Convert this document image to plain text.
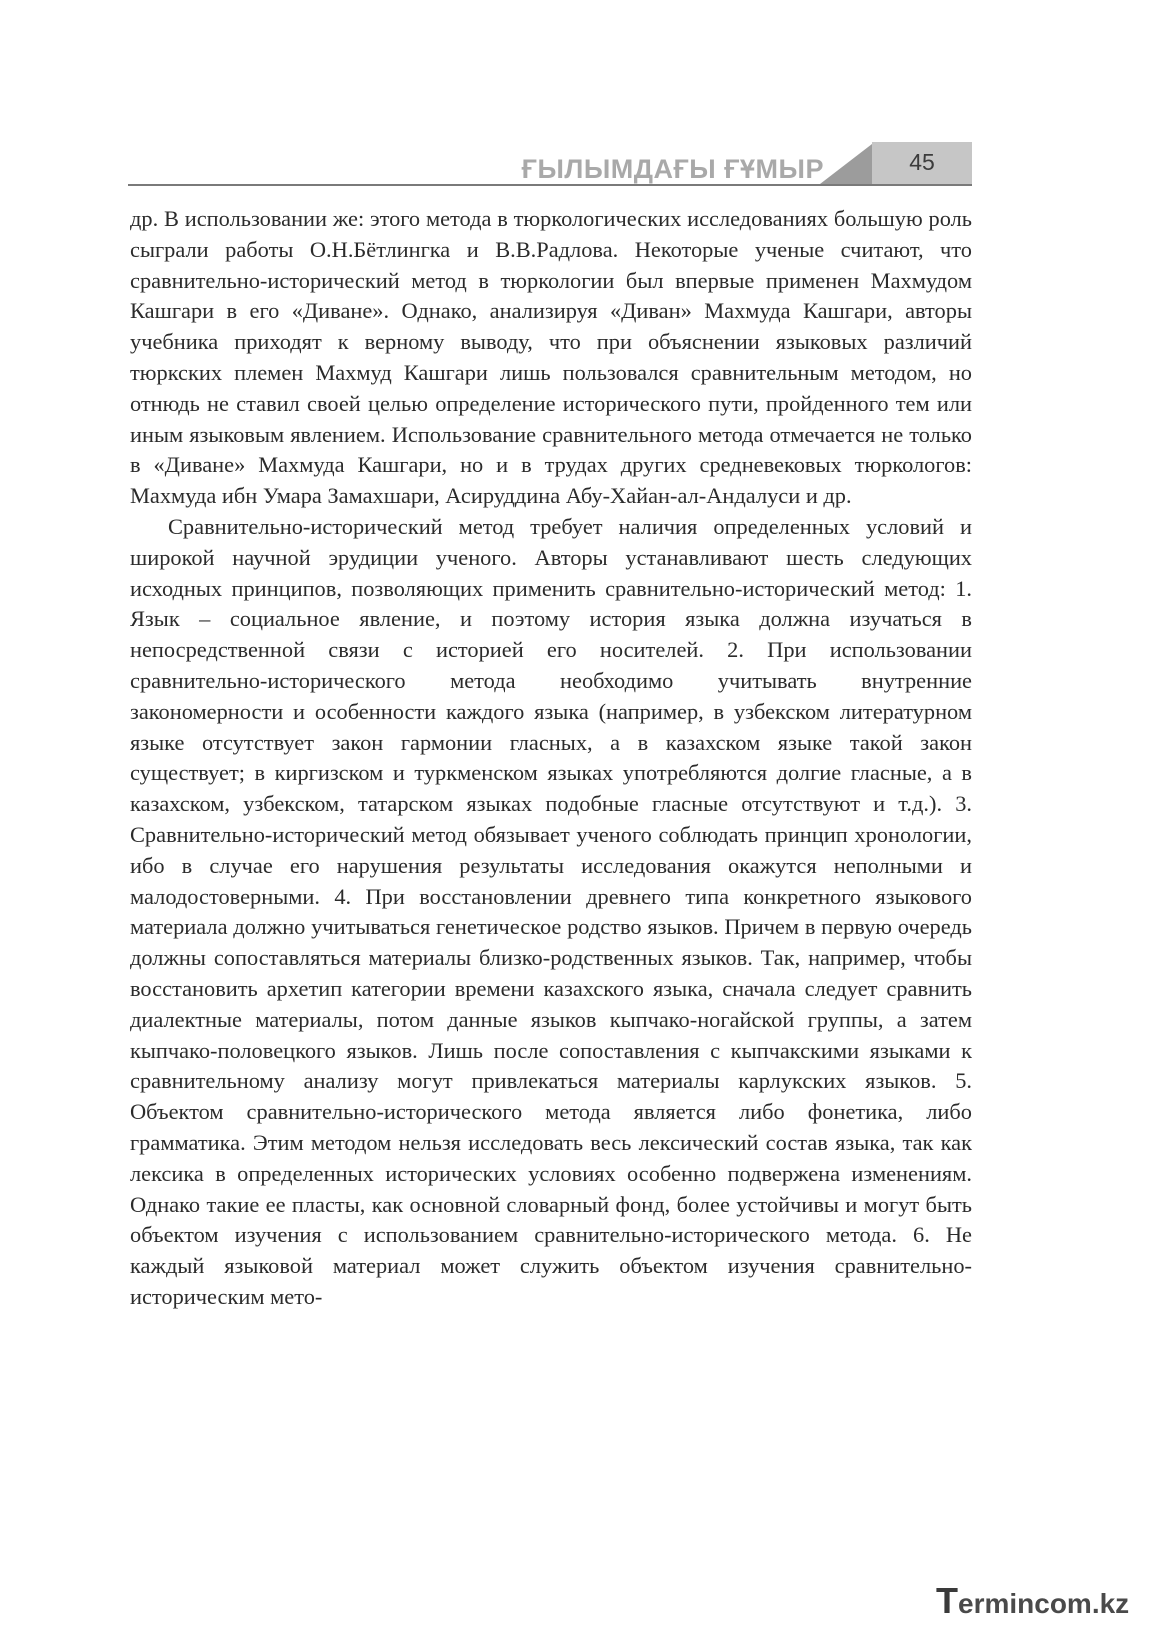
ҒЫЛЫМДАҒЫ ҒҰМЫР	45

др. В использовании же: этого метода в тюркологических исследованиях большую роль сыграли работы О.Н.Бётлингка и В.В.Радлова. Некоторые ученые считают, что сравнительно-исторический метод в тюркологии был впервые применен Махмудом Кашгари в его «Диване». Однако, анализируя «Диван» Махмуда Кашгари, авторы учебника приходят к верному выводу, что при объяснении языковых различий тюркских племен Махмуд Кашгари лишь пользовался сравнительным методом, но отнюдь не ставил своей целью определение исторического пути, пройденного тем или иным языковым явлением. Использование сравнительного метода отмечается не только в «Диване» Махмуда Кашгари, но и в трудах других средневековых тюркологов: Махмуда ибн Умара Замахшари, Асируддина Абу-Хайан-ал-Андалуси и др.

Сравнительно-исторический метод требует наличия определенных условий и широкой научной эрудиции ученого. Авторы устанавливают шесть следующих исходных принципов, позволяющих применить сравнительно-исторический метод: 1. Язык – социальное явление, и поэтому история языка должна изучаться в непосредственной связи с историей его носителей. 2. При использовании сравнительно-исторического метода необходимо учитывать внутренние закономерности и особенности каждого языка (например, в узбекском литературном языке отсутствует закон гармонии гласных, а в казахском языке такой закон существует; в киргизском и туркменском языках употребляются долгие гласные, а в казахском, узбекском, татарском языках подобные гласные отсутствуют и т.д.). 3. Сравнительно-исторический метод обязывает ученого соблюдать принцип хронологии, ибо в случае его нарушения результаты исследования окажутся неполными и малодостоверными. 4. При восстановлении древнего типа конкретного языкового материала должно учитываться генетическое родство языков. Причем в первую очередь должны сопоставляться материалы близко-родственных языков. Так, например, чтобы восстановить архетип категории времени казахского языка, сначала следует сравнить диалектные материалы, потом данные языков кыпчако-ногайской группы, а затем кыпчако-половецкого языков. Лишь после сопоставления с кыпчакскими языками к сравнительному анализу могут привлекаться материалы карлукских языков. 5. Объектом сравнительно-исторического метода является либо фонетика, либо грамматика. Этим методом нельзя исследовать весь лексический состав языка, так как лексика в определенных исторических условиях особенно подвержена изменениям. Однако такие ее пласты, как основной словарный фонд, более устойчивы и могут быть объектом изучения с использованием сравнительно-исторического метода. 6. Не каждый языковой материал может служить объектом изучения сравнительно-историческим мето-

Termincom.kz
